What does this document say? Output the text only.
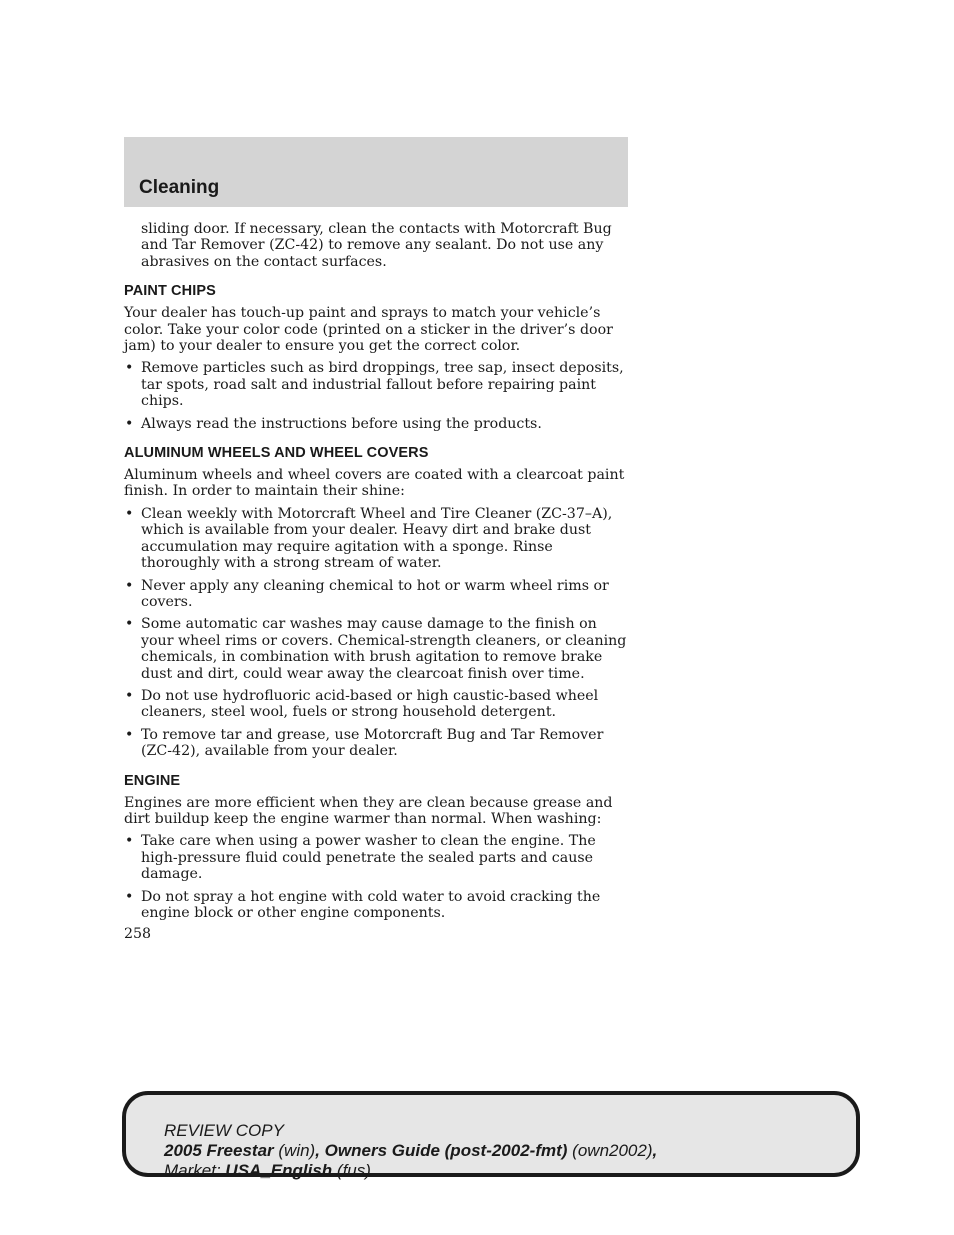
Cleaning

sliding door. If necessary, clean the contacts with Motorcraft Bug and Tar Remover (ZC-42) to remove any sealant. Do not use any abrasives on the contact surfaces.

PAINT CHIPS

Your dealer has touch-up paint and sprays to match your vehicle’s color. Take your color code (printed on a sticker in the driver’s door jam) to your dealer to ensure you get the correct color.

• Remove particles such as bird droppings, tree sap, insect deposits, tar spots, road salt and industrial fallout before repairing paint chips.
• Always read the instructions before using the products.
ALUMINUM WHEELS AND WHEEL COVERS

Aluminum wheels and wheel covers are coated with a clearcoat paint finish. In order to maintain their shine:

• Clean weekly with Motorcraft Wheel and Tire Cleaner (ZC-37–A), which is available from your dealer. Heavy dirt and brake dust accumulation may require agitation with a sponge. Rinse thoroughly with a strong stream of water.
• Never apply any cleaning chemical to hot or warm wheel rims or covers.
• Some automatic car washes may cause damage to the finish on your wheel rims or covers. Chemical-strength cleaners, or cleaning chemicals, in combination with brush agitation to remove brake dust and dirt, could wear away the clearcoat finish over time.
• Do not use hydrofluoric acid-based or high caustic-based wheel cleaners, steel wool, fuels or strong household detergent.
• To remove tar and grease, use Motorcraft Bug and Tar Remover (ZC-42), available from your dealer.
ENGINE

Engines are more efficient when they are clean because grease and dirt buildup keep the engine warmer than normal. When washing:

• Take care when using a power washer to clean the engine. The high-pressure fluid could penetrate the sealed parts and cause damage.
• Do not spray a hot engine with cold water to avoid cracking the engine block or other engine components.
258
REVIEW COPY
2005 Freestar (win), Owners Guide (post-2002-fmt) (own2002),
Market: USA_English (fus)
